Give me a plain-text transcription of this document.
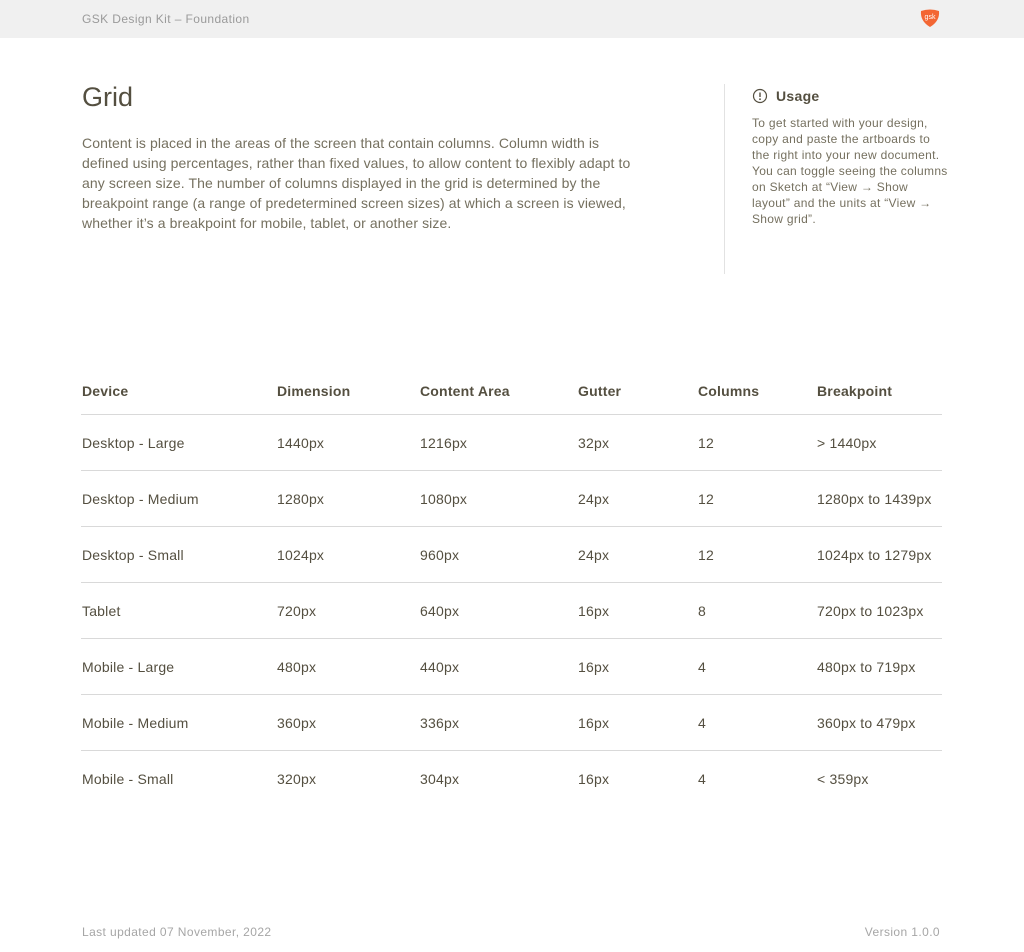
GSK Design Kit – Foundation	gsk
Grid

Content is placed in the areas of the screen that contain columns. Column width is defined using percentages, rather than fixed values, to allow content to flexibly adapt to any screen size. The number of columns displayed in the grid is determined by the breakpoint range (a range of predetermined screen sizes) at which a screen is viewed, whether it’s a breakpoint for mobile, tablet, or another size.

Usage

To get started with your design, copy and paste the artboards to the right into your new document. You can toggle seeing the columns on Sketch at “View → Show layout” and the units at “View → Show grid”.

Device	Dimension	Content Area	Gutter	Columns	Breakpoint
Desktop - Large	1440px	1216px	32px	12	> 1440px
Desktop - Medium	1280px	1080px	24px	12	1280px to 1439px
Desktop - Small	1024px	960px	24px	12	1024px to 1279px
Tablet	720px	640px	16px	8	720px to 1023px
Mobile - Large	480px	440px	16px	4	480px to 719px
Mobile - Medium	360px	336px	16px	4	360px to 479px
Mobile - Small	320px	304px	16px	4	< 359px
Last updated 07 November, 2022	Version 1.0.0
